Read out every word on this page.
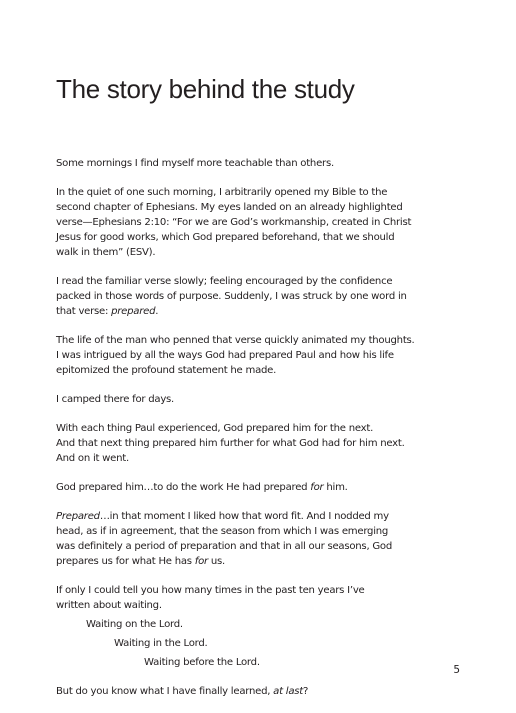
The story behind the study

Some mornings I find myself more teachable than others.

In the quiet of one such morning, I arbitrarily opened my Bible to the
second chapter of Ephesians. My eyes landed on an already highlighted
verse—Ephesians 2:10: “For we are God’s workmanship, created in Christ
Jesus for good works, which God prepared beforehand, that we should
walk in them” (ESV).

I read the familiar verse slowly; feeling encouraged by the confidence
packed in those words of purpose. Suddenly, I was struck by one word in
that verse: prepared.

The life of the man who penned that verse quickly animated my thoughts.
I was intrigued by all the ways God had prepared Paul and how his life
epitomized the profound statement he made.

I camped there for days.

With each thing Paul experienced, God prepared him for the next.
And that next thing prepared him further for what God had for him next.
And on it went.

God prepared him…to do the work He had prepared for him.

Prepared…in that moment I liked how that word fit. And I nodded my
head, as if in agreement, that the season from which I was emerging
was definitely a period of preparation and that in all our seasons, God
prepares us for what He has for us.

If only I could tell you how many times in the past ten years I’ve
written about waiting.

Waiting on the Lord.

Waiting in the Lord.

Waiting before the Lord.

But do you know what I have finally learned, at last?

5
